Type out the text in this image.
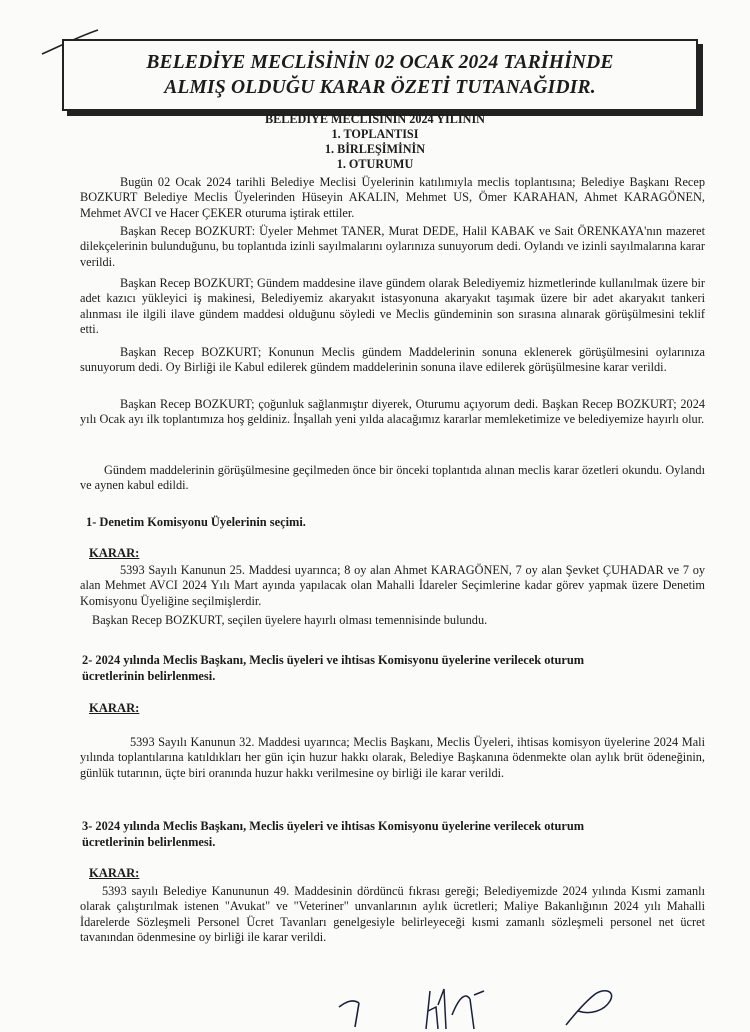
BELEDİYE MECLİSİNİN 02 OCAK 2024 TARİHİNDE
ALMIŞ OLDUĞU KARAR ÖZETİ TUTANAĞIDIR.
BELEDİYE MECLİSİNİN 2024 YILININ
1. TOPLANTISI
1. BİRLEŞİMİNİN
1. OTURUMU
Bugün 02 Ocak 2024 tarihli Belediye Meclisi Üyelerinin katılımıyla meclis toplantısına; Belediye Başkanı Recep BOZKURT Belediye Meclis Üyelerinden Hüseyin AKALIN, Mehmet US, Ömer KARAHAN, Ahmet KARAGÖNEN, Mehmet AVCI ve Hacer ÇEKER oturuma iştirak ettiler.
Başkan Recep BOZKURT: Üyeler Mehmet TANER, Murat DEDE, Halil KABAK ve Sait ÖRENKAYA'nın mazeret dilekçelerinin bulunduğunu, bu toplantıda izinli sayılmalarını oylarınıza sunuyorum dedi. Oylandı ve izinli sayılmalarına karar verildi.
Başkan Recep BOZKURT; Gündem maddesine ilave gündem olarak Belediyemiz hizmetlerinde kullanılmak üzere bir adet kazıcı yükleyici iş makinesi, Belediyemiz akaryakıt istasyonuna akaryakıt taşımak üzere bir adet akaryakıt tankeri alınması ile ilgili ilave gündem maddesi olduğunu söyledi ve Meclis gündeminin son sırasına alınarak görüşülmesini teklif etti.
Başkan Recep BOZKURT; Konunun Meclis gündem Maddelerinin sonuna eklenerek görüşülmesini oylarınıza sunuyorum dedi. Oy Birliği ile Kabul edilerek gündem maddelerinin sonuna ilave edilerek görüşülmesine karar verildi.
Başkan Recep BOZKURT; çoğunluk sağlanmıştır diyerek, Oturumu açıyorum dedi. Başkan Recep BOZKURT; 2024 yılı Ocak ayı ilk toplantımıza hoş geldiniz. İnşallah yeni yılda alacağımız kararlar memleketimize ve belediyemize hayırlı olur.
Gündem maddelerinin görüşülmesine geçilmeden önce bir önceki toplantıda alınan meclis karar özetleri okundu. Oylandı ve aynen kabul edildi.
1- Denetim Komisyonu Üyelerinin seçimi.
KARAR:
5393 Sayılı Kanunun 25. Maddesi uyarınca; 8 oy alan Ahmet KARAGÖNEN, 7 oy alan Şevket ÇUHADAR ve 7 oy alan Mehmet AVCI 2024 Yılı Mart ayında yapılacak olan Mahalli İdareler Seçimlerine kadar görev yapmak üzere Denetim Komisyonu Üyeliğine seçilmişlerdir.
Başkan Recep BOZKURT, seçilen üyelere hayırlı olması temennisinde bulundu.
2- 2024 yılında Meclis Başkanı, Meclis üyeleri ve ihtisas Komisyonu üyelerine verilecek oturum
ücretlerinin belirlenmesi.
KARAR:
5393 Sayılı Kanunun 32. Maddesi uyarınca; Meclis Başkanı, Meclis Üyeleri, ihtisas komisyon üyelerine 2024 Mali yılında toplantılarına katıldıkları her gün için huzur hakkı olarak, Belediye Başkanına ödenmekte olan aylık brüt ödeneğinin, günlük tutarının, üçte biri oranında huzur hakkı verilmesine oy birliği ile karar verildi.
3- 2024 yılında Meclis Başkanı, Meclis üyeleri ve ihtisas Komisyonu üyelerine verilecek oturum
ücretlerinin belirlenmesi.
KARAR:
5393 sayılı Belediye Kanununun 49. Maddesinin dördüncü fıkrası gereği; Belediyemizde 2024 yılında Kısmi zamanlı olarak çalıştırılmak istenen "Avukat" ve "Veteriner" unvanlarının aylık ücretleri; Maliye Bakanlığının 2024 yılı Mahalli İdarelerde Sözleşmeli Personel Ücret Tavanları genelgesiyle belirleyeceği kısmi zamanlı sözleşmeli personel net ücret tavanından ödenmesine oy birliği ile karar verildi.
